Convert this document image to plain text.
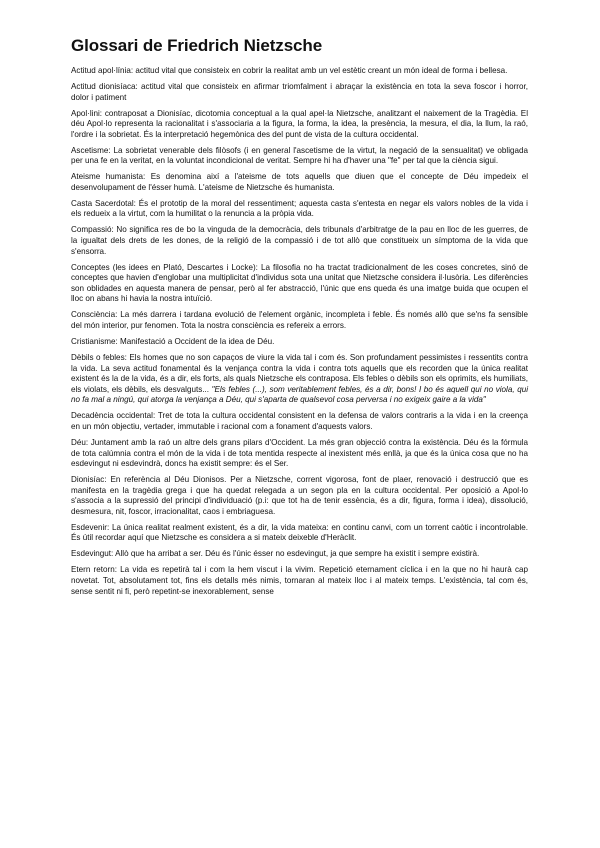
Glossari de Friedrich Nietzsche

Actitud apol·línia: actitud vital que consisteix en cobrir la realitat amb un vel estètic creant un món ideal de forma i bellesa.

Actitud dionisíaca: actitud vital que consisteix en afirmar triomfalment i abraçar la existència en tota la seva foscor i horror, dolor i patiment

Apol·lini: contraposat a Dionisíac, dicotomia conceptual a la qual apel·la Nietzsche, analitzant el naixement de la Tragèdia. El déu Apol·lo representa la racionalitat i s'associaria a la figura, la forma, la idea, la presència, la mesura, el dia, la llum, la raó, l'ordre i la sobrietat. És la interpretació hegemònica des del punt de vista de la cultura occidental.

Ascetisme: La sobrietat venerable dels filòsofs (i en general l'ascetisme de la virtut, la negació de la sensualitat) ve obligada per una fe en la veritat, en la voluntat incondicional de veritat. Sempre hi ha d'haver una "fe" per tal que la ciència sigui.

Ateisme humanista: Es denomina així a l'ateisme de tots aquells que diuen que el concepte de Déu impedeix el desenvolupament de l'ésser humà. L'ateisme de Nietzsche és humanista.

Casta Sacerdotal: És el prototip de la moral del ressentiment; aquesta casta s'entesta en negar els valors nobles de la vida i els redueix a la virtut, com la humilitat o la renuncia a la pròpia vida.

Compassió: No significa res de bo la vinguda de la democràcia, dels tribunals d'arbitratge de la pau en lloc de les guerres, de la igualtat dels drets de les dones, de la religió de la compassió i de tot allò que constitueix un símptoma de la vida que s'ensorra.

Conceptes (les idees en Plató, Descartes i Locke): La filosofia no ha tractat tradicionalment de les coses concretes, sinó de conceptes que havien d'englobar una multiplicitat d'individus sota una unitat que Nietzsche considera il·lusòria. Les diferències son oblidades en aquesta manera de pensar, però al fer abstracció, l'únic que ens queda és una imatge buida que ocupen el lloc on abans hi havia la nostra intuïció.

Consciència: La més darrera i tardana evolució de l'element orgànic, incompleta i feble. És només allò que se'ns fa sensible del món interior, pur fenomen. Tota la nostra consciència es refereix a errors.

Cristianisme: Manifestació a Occident de la idea de Déu.

Dèbils o febles: Els homes que no son capaços de viure la vida tal i com és. Son profundament pessimistes i ressentits contra la vida. La seva actitud fonamental és la venjança contra la vida i contra tots aquells que els recorden que la única realitat existent és la de la vida, és a dir, els forts, als quals Nietzsche els contraposa. Els febles o dèbils son els oprimits, els humiliats, els violats, els dèbils, els desvalguts... "Els febles (...), som veritablement febles, és a dir, bons! I bo és aquell qui no viola, qui no fa mal a ningú, qui atorga la venjança a Déu, qui s'aparta de qualsevol cosa perversa i no exigeix gaire a la vida"

Decadència occidental: Tret de tota la cultura occidental consistent en la defensa de valors contraris a la vida i en la creença en un món objectiu, vertader, immutable i racional com a fonament d'aquests valors.

Déu: Juntament amb la raó un altre dels grans pilars d'Occident. La més gran objecció contra la existència. Déu és la fórmula de tota calúmnia contra el món de la vida i de tota mentida respecte al inexistent més enllà, ja que és la única cosa que no ha esdevingut ni esdevindrà, doncs ha existit sempre: és el Ser.

Dionisíac: En referència al Déu Dionisos. Per a Nietzsche, corrent vigorosa, font de plaer, renovació i destrucció que es manifesta en la tragèdia grega i que ha quedat relegada a un segon pla en la cultura occidental. Per oposició a Apol·lo s'associa a la supressió del principi d'individuació (p.i: que tot ha de tenir essència, és a dir, figura, forma i idea), dissolució, desmesura, nit, foscor, irracionalitat, caos i embriaguesa.

Esdevenir: La única realitat realment existent, és a dir, la vida mateixa: en continu canvi, com un torrent caòtic i incontrolable. És útil recordar aquí que Nietzsche es considera a si mateix deixeble d'Heràclit.

Esdevingut: Allò que ha arribat a ser. Déu és l'únic ésser no esdevingut, ja que sempre ha existit i sempre existirà.

Etern retorn: La vida es repetirà tal i com la hem viscut i la vivim. Repetició eternament cíclica i en la que no hi haurà cap novetat. Tot, absolutament tot, fins els detalls més nimis, tornaran al mateix lloc i al mateix temps. L'existència, tal com és, sense sentit ni fi, però repetint-se inexorablement, sense
